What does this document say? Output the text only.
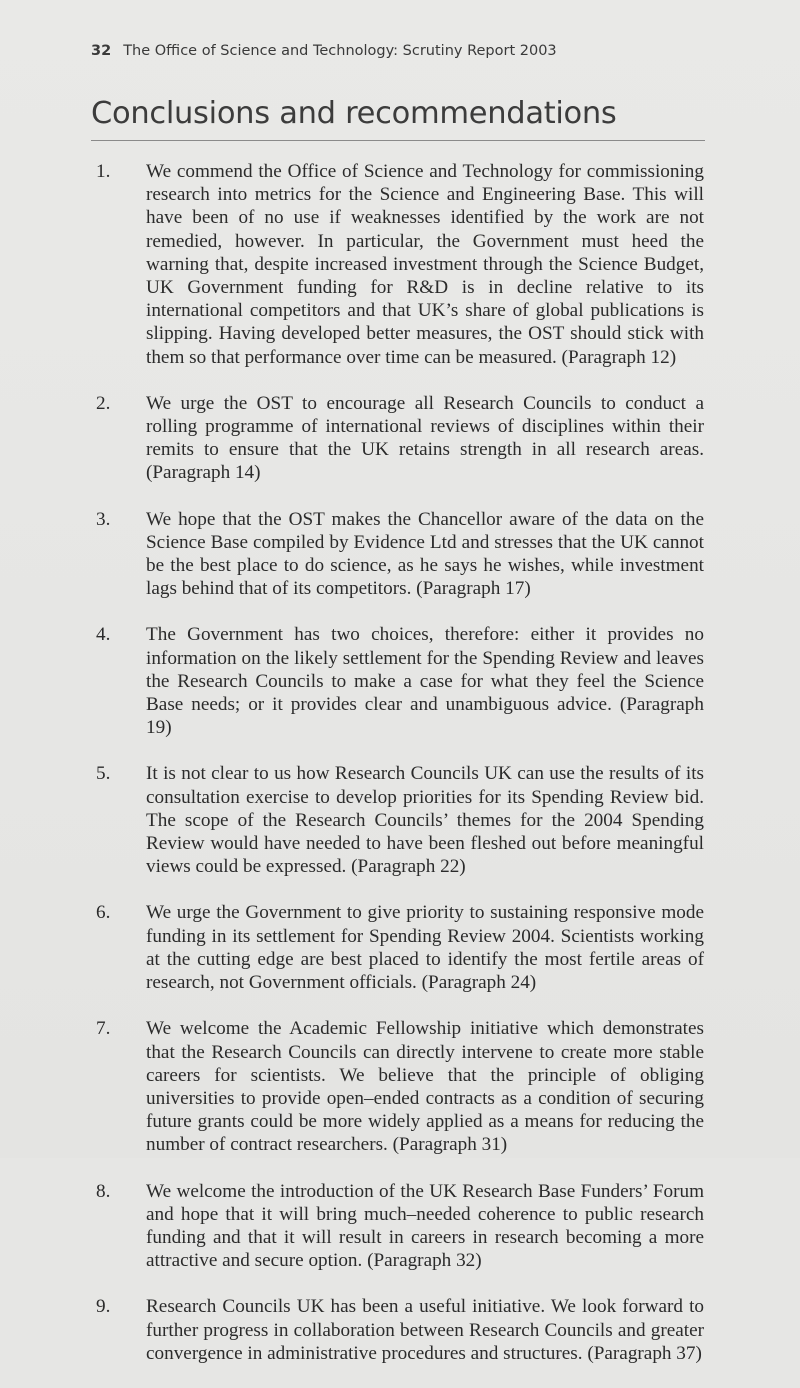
32 The Office of Science and Technology: Scrutiny Report 2003
Conclusions and recommendations
1. We commend the Office of Science and Technology for commissioning research into metrics for the Science and Engineering Base. This will have been of no use if weaknesses identified by the work are not remedied, however. In particular, the Government must heed the warning that, despite increased investment through the Science Budget, UK Government funding for R&D is in decline relative to its international competitors and that UK’s share of global publications is slipping. Having developed better measures, the OST should stick with them so that performance over time can be measured. (Paragraph 12)
2. We urge the OST to encourage all Research Councils to conduct a rolling programme of international reviews of disciplines within their remits to ensure that the UK retains strength in all research areas. (Paragraph 14)
3. We hope that the OST makes the Chancellor aware of the data on the Science Base compiled by Evidence Ltd and stresses that the UK cannot be the best place to do science, as he says he wishes, while investment lags behind that of its competitors. (Paragraph 17)
4. The Government has two choices, therefore: either it provides no information on the likely settlement for the Spending Review and leaves the Research Councils to make a case for what they feel the Science Base needs; or it provides clear and unambiguous advice. (Paragraph 19)
5. It is not clear to us how Research Councils UK can use the results of its consultation exercise to develop priorities for its Spending Review bid. The scope of the Research Councils’ themes for the 2004 Spending Review would have needed to have been fleshed out before meaningful views could be expressed. (Paragraph 22)
6. We urge the Government to give priority to sustaining responsive mode funding in its settlement for Spending Review 2004. Scientists working at the cutting edge are best placed to identify the most fertile areas of research, not Government officials. (Paragraph 24)
7. We welcome the Academic Fellowship initiative which demonstrates that the Research Councils can directly intervene to create more stable careers for scientists. We believe that the principle of obliging universities to provide open–ended contracts as a condition of securing future grants could be more widely applied as a means for reducing the number of contract researchers. (Paragraph 31)
8. We welcome the introduction of the UK Research Base Funders’ Forum and hope that it will bring much–needed coherence to public research funding and that it will result in careers in research becoming a more attractive and secure option. (Paragraph 32)
9. Research Councils UK has been a useful initiative. We look forward to further progress in collaboration between Research Councils and greater convergence in administrative procedures and structures. (Paragraph 37)
